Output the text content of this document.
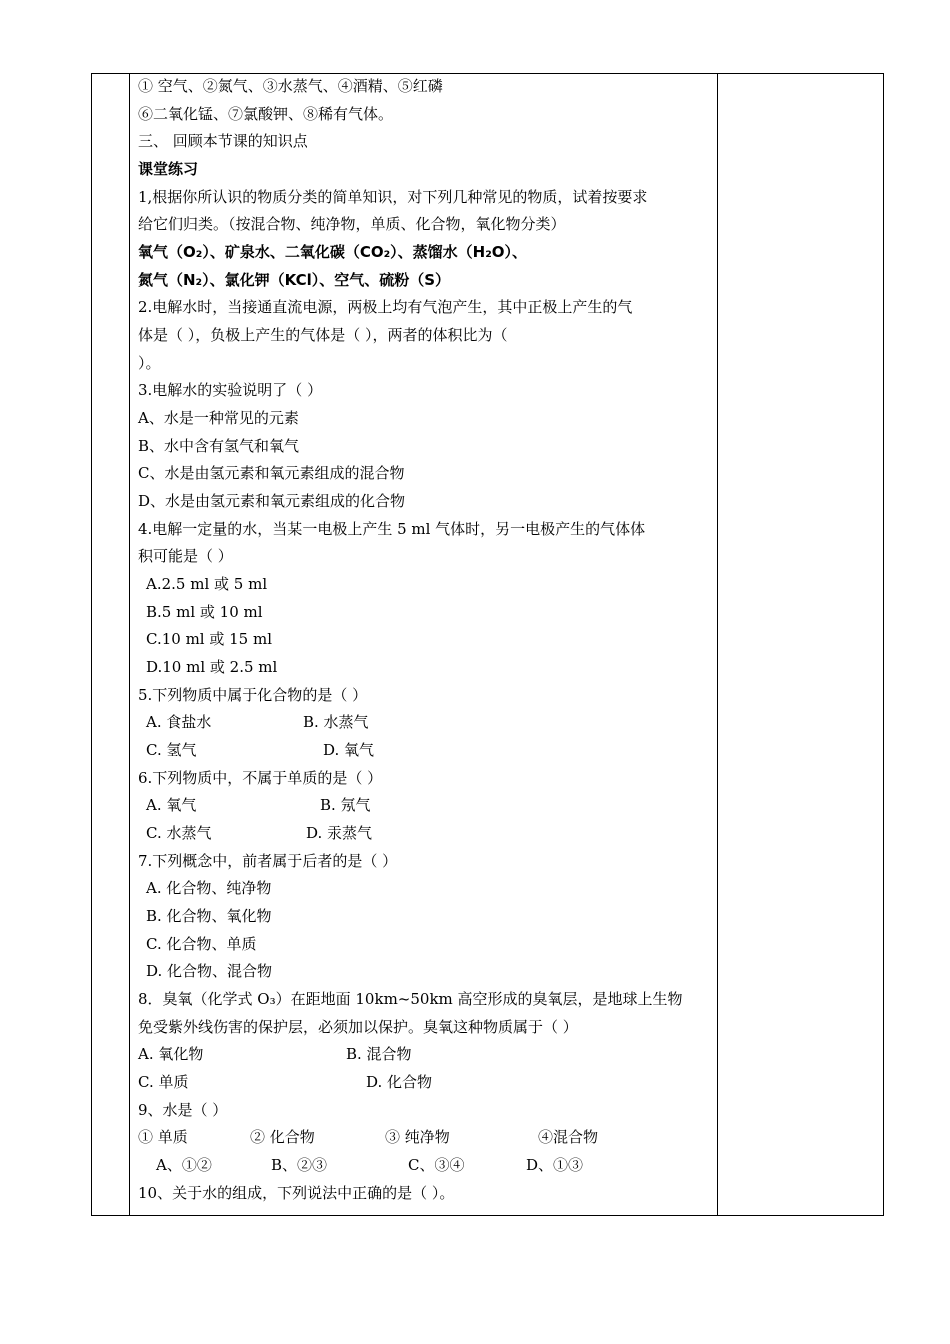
① 空气、②氮气、③水蒸气、④酒精、⑤红磷
⑥二氧化锰、⑦氯酸钾、⑧稀有气体。
三、 回顾本节课的知识点
课堂练习
1,根据你所认识的物质分类的简单知识，对下列几种常见的物质，试着按要求
给它们归类。（按混合物、纯净物，单质、化合物，氧化物分类）
氧气（O₂）、矿泉水、二氧化碳（CO₂）、蒸馏水（H₂O）、
氮气（N₂）、氯化钾（KCl）、空气、硫粉（S）
2.电解水时，当接通直流电源，两极上均有气泡产生，其中正极上产生的气
体是（ ），负极上产生的气体是（ ），两者的体积比为（
）。
3.电解水的实验说明了（ ）
A、水是一种常见的元素
B、水中含有氢气和氧气
C、水是由氢元素和氧元素组成的混合物
D、水是由氢元素和氧元素组成的化合物
4.电解一定量的水，当某一电极上产生 5 ml 气体时，另一电极产生的气体体
积可能是（ ）
A.2.5 ml 或 5 ml
B.5 ml 或 10 ml
C.10 ml 或 15 ml
D.10 ml 或 2.5 ml
5.下列物质中属于化合物的是（ ）
A. 食盐水	B. 水蒸气
C. 氢气	D. 氧气
6.下列物质中，不属于单质的是（ ）
A. 氧气	B. 氖气
C. 水蒸气	D. 汞蒸气
7.下列概念中，前者属于后者的是（ ）
A. 化合物、纯净物
B. 化合物、氧化物
C. 化合物、单质
D. 化合物、混合物
8．臭氧（化学式 O₃）在距地面 10km~50km 高空形成的臭氧层，是地球上生物
免受紫外线伤害的保护层，必须加以保护。臭氧这种物质属于（ ）
A. 氧化物	B. 混合物
C. 单质	D. 化合物
9、水是（ ）
① 单质	② 化合物	③ 纯净物	④混合物
A、①②	B、②③	C、③④	D、①③
10、关于水的组成，下列说法中正确的是（ ）。
